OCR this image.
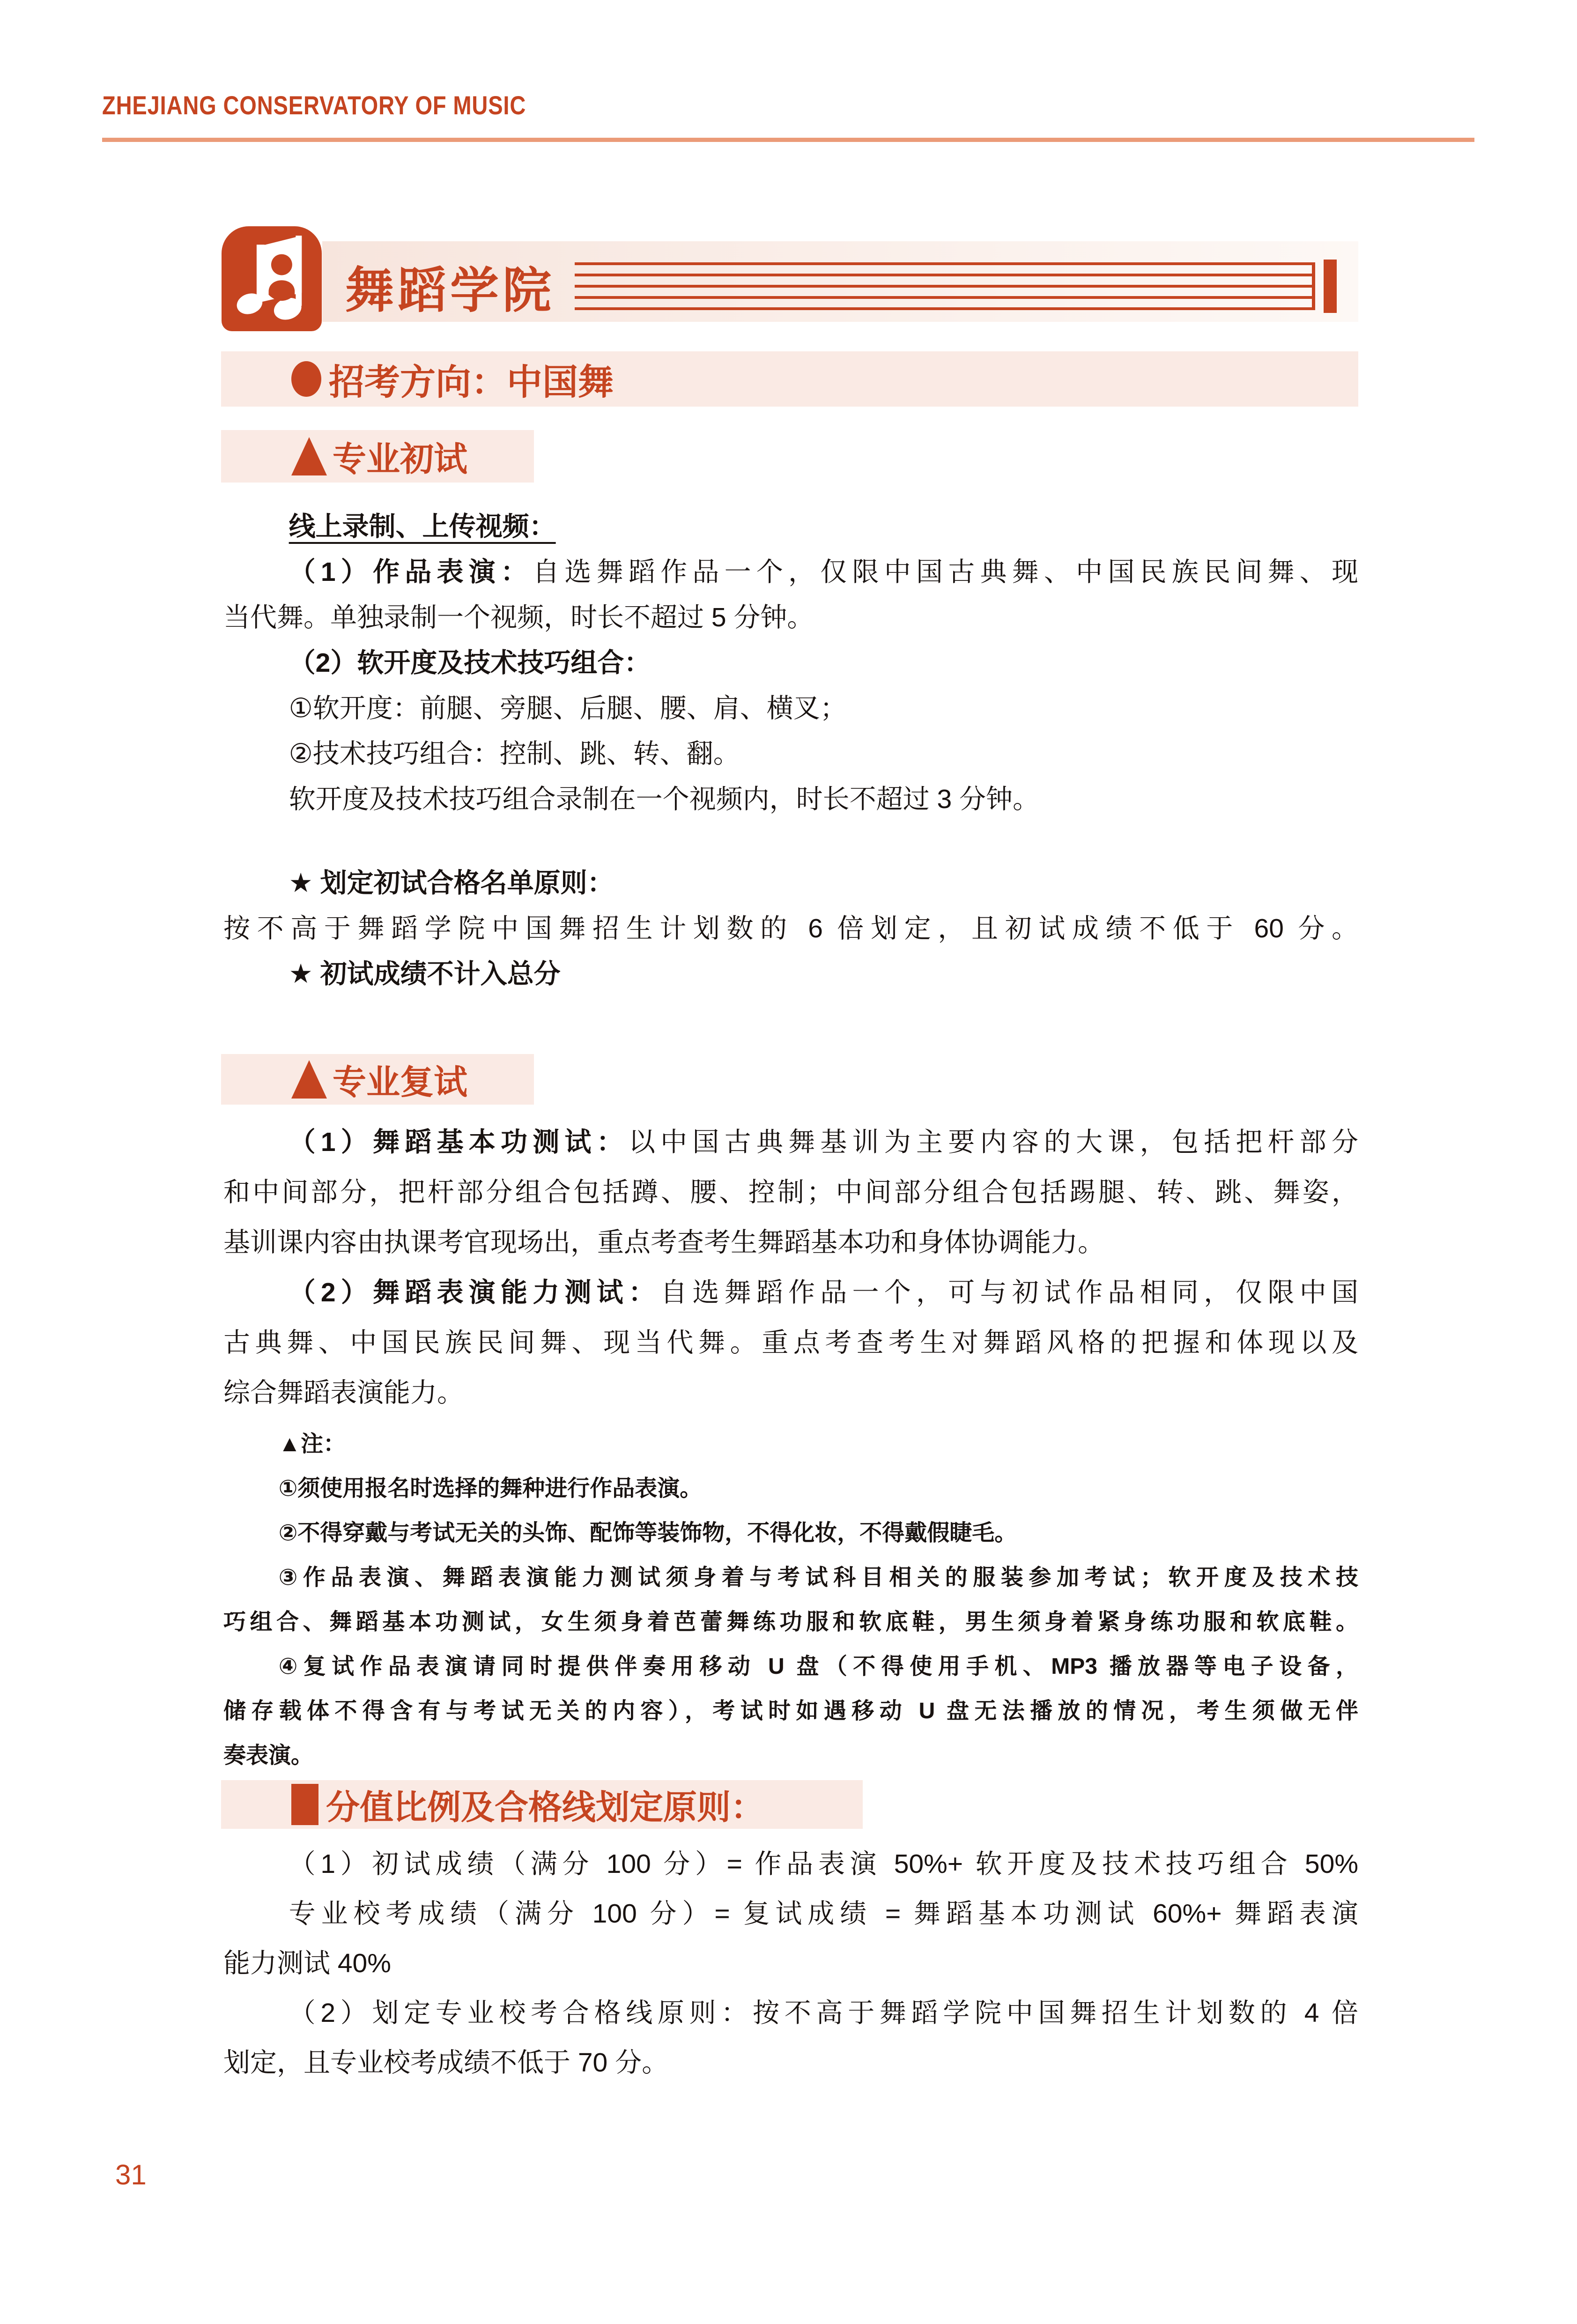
ZHEJIANG CONSERVATORY OF MUSIC
舞蹈学院
招考方向：中国舞
专业初试
线上录制、上传视频：
（1）作品表演：自选舞蹈作品一个，仅限中国古典舞、中国民族民间舞、现
当代舞。单独录制一个视频，时长不超过 5 分钟。
（2）软开度及技术技巧组合：
①软开度：前腿、旁腿、后腿、腰、肩、横叉；
②技术技巧组合：控制、跳、转、翻。
软开度及技术技巧组合录制在一个视频内，时长不超过 3 分钟。
★ 划定初试合格名单原则：
按不高于舞蹈学院中国舞招生计划数的 6 倍划定，且初试成绩不低于 60 分。
★ 初试成绩不计入总分
专业复试
（1）舞蹈基本功测试：以中国古典舞基训为主要内容的大课，包括把杆部分
和中间部分，把杆部分组合包括蹲、腰、控制；中间部分组合包括踢腿、转、跳、舞姿，
基训课内容由执课考官现场出，重点考查考生舞蹈基本功和身体协调能力。
（2）舞蹈表演能力测试：自选舞蹈作品一个，可与初试作品相同，仅限中国
古典舞、中国民族民间舞、现当代舞。重点考查考生对舞蹈风格的把握和体现以及
综合舞蹈表演能力。
▲注：
①须使用报名时选择的舞种进行作品表演。
②不得穿戴与考试无关的头饰、配饰等装饰物，不得化妆，不得戴假睫毛。
③作品表演、舞蹈表演能力测试须身着与考试科目相关的服装参加考试；软开度及技术技
巧组合、舞蹈基本功测试，女生须身着芭蕾舞练功服和软底鞋，男生须身着紧身练功服和软底鞋。
④复试作品表演请同时提供伴奏用移动 U 盘（不得使用手机、MP3 播放器等电子设备，
储存载体不得含有与考试无关的内容），考试时如遇移动 U 盘无法播放的情况，考生须做无伴
奏表演。
分值比例及合格线划定原则：
（1）初试成绩（满分 100 分）= 作品表演 50%+ 软开度及技术技巧组合 50%
专业校考成绩（满分 100 分）= 复试成绩 = 舞蹈基本功测试 60%+ 舞蹈表演
能力测试 40%
（2）划定专业校考合格线原则：按不高于舞蹈学院中国舞招生计划数的 4 倍
划定，且专业校考成绩不低于 70 分。
31
